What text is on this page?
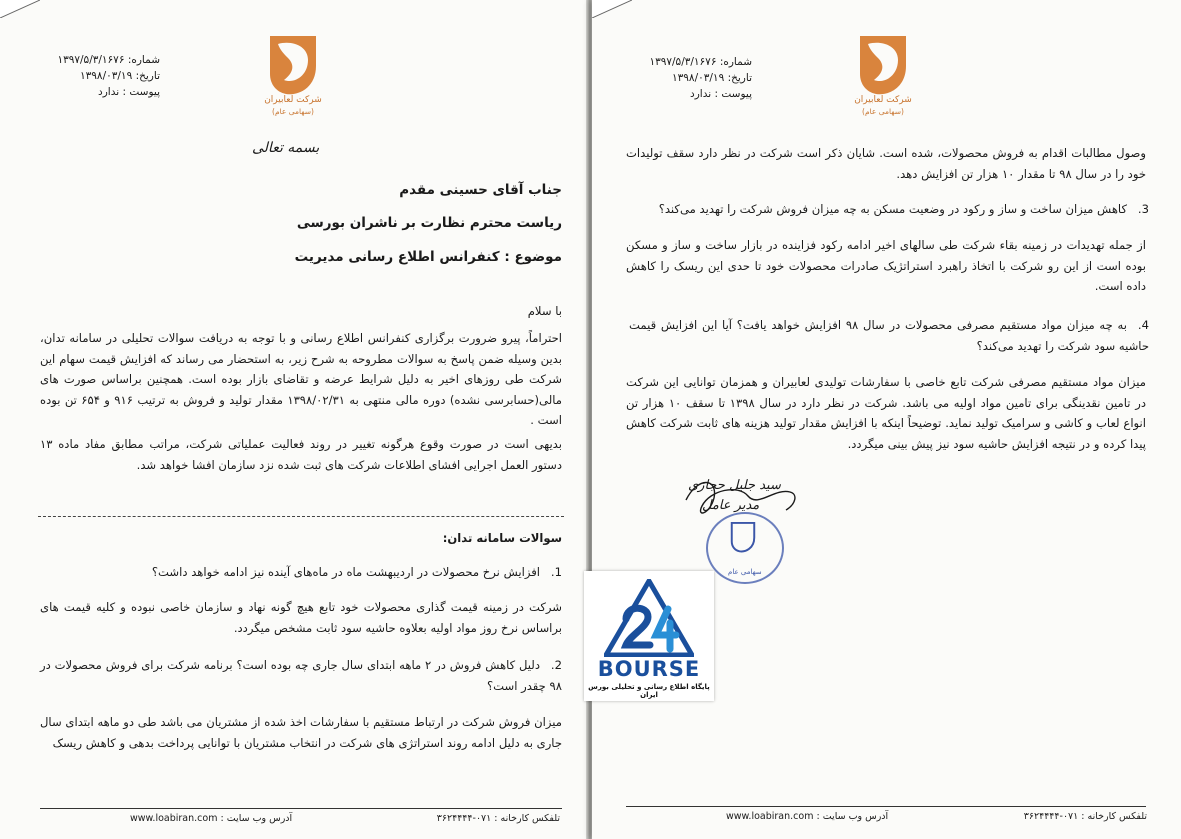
شماره: ۱۳۹۷/۵/۳/۱۶۷۶
تاریخ: ۱۳۹۸/۰۳/۱۹
پیوست : ندارد
شرکت لعابیران
(سهامی عام)
بسمه تعالی
جناب آقای حسینی مقدم
ریاست محترم نظارت بر ناشران بورسی
موضوع : کنفرانس اطلاع رسانی مدیریت
با سلام
احتراماً، پیرو ضرورت برگزاری کنفرانس اطلاع رسانی و با توجه به دریافت سوالات تحلیلی در سامانه تدان، بدین وسیله ضمن پاسخ به سوالات مطروحه به شرح زیر، به استحضار می رساند که افزایش قیمت سهام این شرکت طی روزهای اخیر به دلیل شرایط عرضه و تقاضای بازار بوده است. همچنین براساس صورت های مالی(حسابرسی نشده) دوره مالی منتهی به ۱۳۹۸/۰۲/۳۱ مقدار تولید و فروش به ترتیب ۹۱۶ و ۶۵۴ تن بوده است .
بدیهی است در صورت وقوع هرگونه تغییر در روند فعالیت عملیاتی شرکت، مراتب مطابق مفاد ماده ۱۳ دستور العمل اجرایی افشای اطلاعات شرکت های ثبت شده نزد سازمان افشا خواهد شد.
سوالات سامانه تدان:
1.افزایش نرخ محصولات در اردیبهشت ماه در ماه‌های آینده نیز ادامه خواهد داشت؟
شرکت در زمینه قیمت گذاری محصولات خود تابع هیچ گونه نهاد و سازمان خاصی نبوده و کلیه قیمت های براساس نرخ روز مواد اولیه بعلاوه حاشیه سود ثابت مشخص میگردد.
2.دلیل کاهش فروش در ۲ ماهه ابتدای سال جاری چه بوده است؟ برنامه شرکت برای فروش محصولات در ۹۸ چقدر است؟
میزان فروش شرکت در ارتباط مستقیم با سفارشات اخذ شده از مشتریان می باشد طی دو ماهه ابتدای سال جاری به دلیل ادامه روند استراتژی های شرکت در انتخاب مشتریان با توانایی پرداخت بدهی و کاهش ریسک
تلفکس کارخانه : ۰۷۱-۳۶۲۴۴۴۴
آدرس وب سایت : www.loabiran.com
شماره: ۱۳۹۷/۵/۳/۱۶۷۶
تاریخ: ۱۳۹۸/۰۳/۱۹
پیوست : ندارد	شرکت لعابیران
(سهامی عام)
وصول مطالبات اقدام به فروش محصولات، شده است. شایان ذکر است شرکت در نظر دارد سقف تولیدات خود را در سال ۹۸ تا مقدار ۱۰ هزار تن افزایش دهد.
3.کاهش میزان ساخت و ساز و رکود در وضعیت مسکن به چه میزان فروش شرکت را تهدید می‌کند؟
از جمله تهدیدات در زمینه بقاء شرکت طی سالهای اخیر ادامه رکود فزاینده در بازار ساخت و ساز و مسکن بوده است از این رو شرکت با اتخاذ راهبرد استراتژیک صادرات محصولات خود تا حدی این ریسک را کاهش داده است.
4.به چه میزان مواد مستقیم مصرفی محصولات در سال ۹۸ افزایش خواهد یافت؟ آیا این افزایش قیمت حاشیه سود شرکت را تهدید می‌کند؟
میزان مواد مستقیم مصرفی شرکت تابع خاصی با سفارشات تولیدی لعابیران و همزمان توانایی این شرکت در تامین نقدینگی برای تامین مواد اولیه می باشد. شرکت در نظر دارد در سال ۱۳۹۸ تا سقف ۱۰ هزار تن انواع لعاب و کاشی و سرامیک تولید نماید. توضیحاً اینکه با افزایش مقدار تولید هزینه های ثابت شرکت کاهش پیدا کرده و در نتیجه افزایش حاشیه سود نیز پیش بینی میگردد.
سید جلیل حجازی
مدیر عامل
سهامی عام
تلفکس کارخانه : ۰۷۱-۳۶۲۴۴۴۴
آدرس وب سایت : www.loabiran.com
BOURSE
پایگاه اطلاع رسانی و تحلیلی بورس ایران
